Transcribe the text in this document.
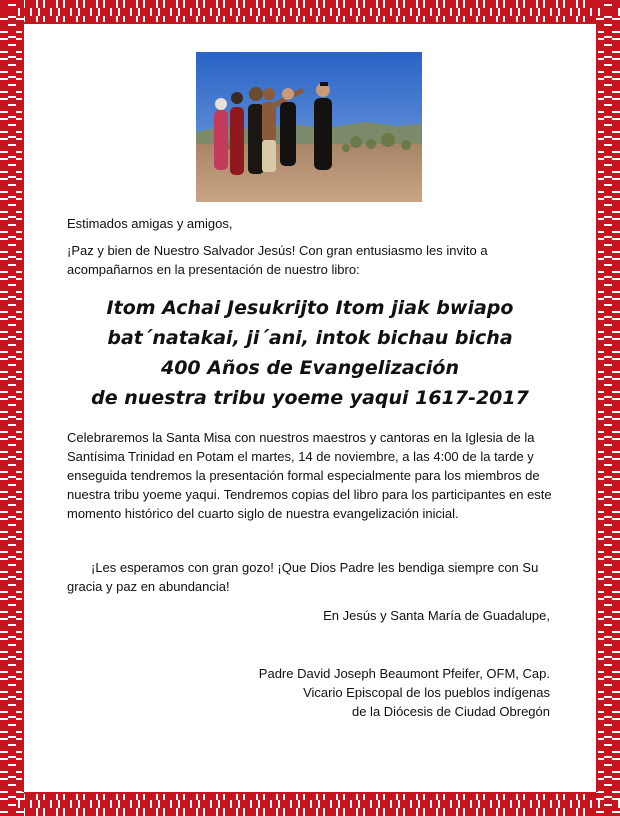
Estimados amigas y amigos,
¡Paz y bien de Nuestro Salvador Jesús! Con gran entusiasmo les invito a acompañarnos en la presentación de nuestro libro:
Itom Achai Jesukrijto Itom jiak bwiapo
bat´natakai, ji´ani, intok bichau bicha
400 Años de Evangelización
de nuestra tribu yoeme yaqui 1617-2017
Celebraremos la Santa Misa con nuestros maestros y cantoras en la Iglesia de la Santísima Trinidad en Potam el martes, 14 de noviembre, a las 4:00 de la tarde y enseguida tendremos la presentación formal especialmente para los miembros de nuestra tribu yoeme yaqui. Tendremos copias del libro para los participantes en este momento histórico del cuarto siglo de nuestra evangelización inicial.
¡Les esperamos con gran gozo! ¡Que Dios Padre les bendiga siempre con Su gracia y paz en abundancia!
En Jesús y Santa María de Guadalupe,
Padre David Joseph Beaumont Pfeifer, OFM, Cap.
Vicario Episcopal de los pueblos indígenas
de la Diócesis de Ciudad Obregón
